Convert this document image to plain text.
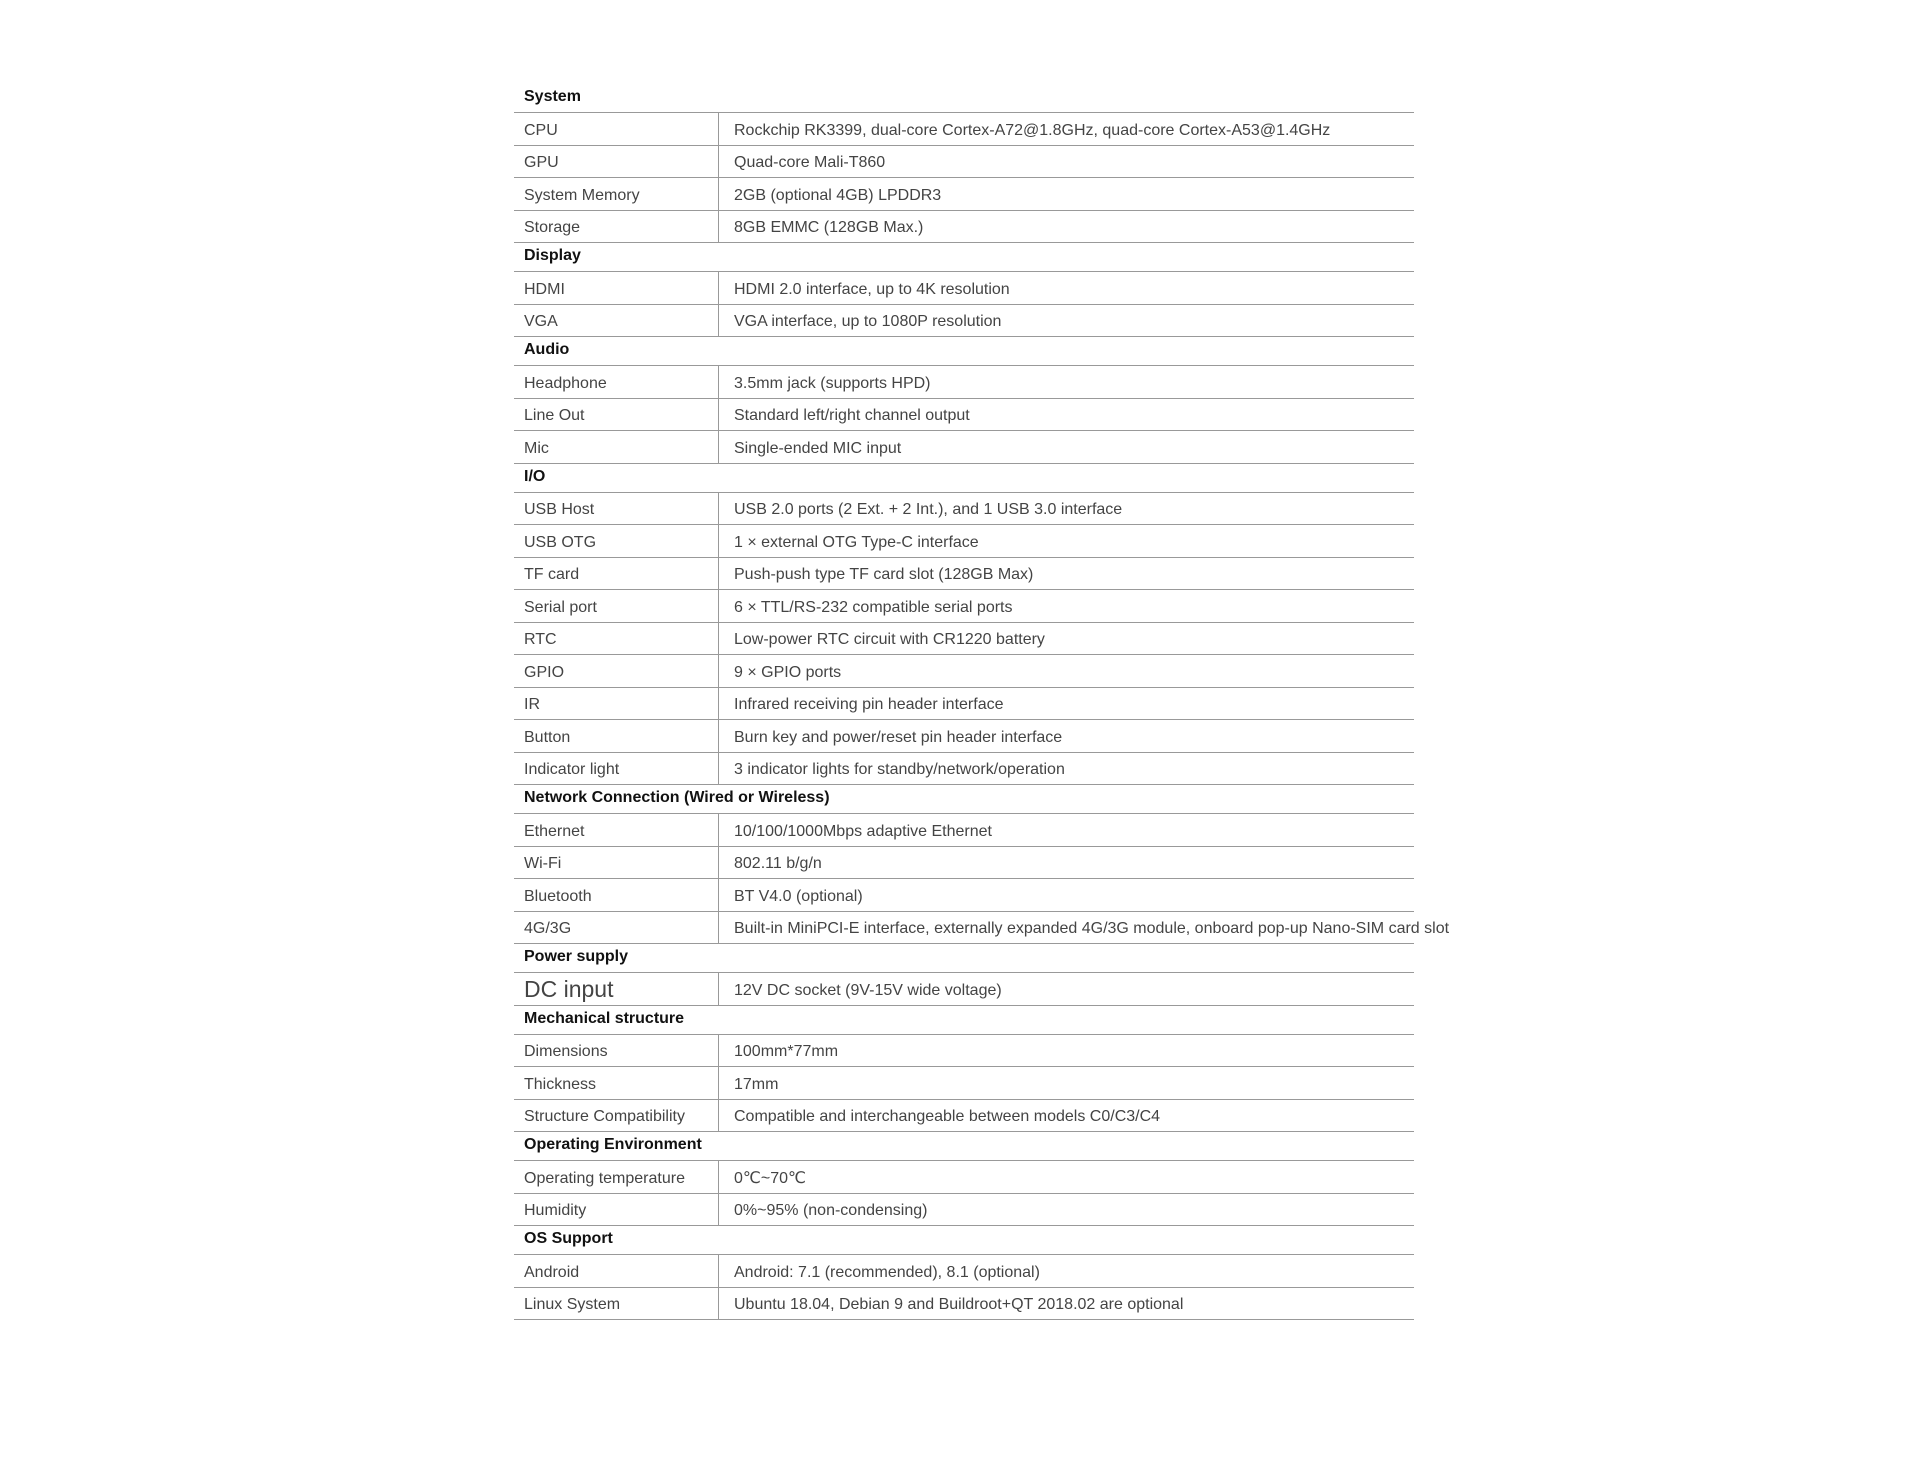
System
CPU	Rockchip RK3399, dual-core Cortex-A72@1.8GHz, quad-core Cortex-A53@1.4GHz
GPU	Quad-core Mali-T860
System Memory	2GB (optional 4GB) LPDDR3
Storage	8GB EMMC (128GB Max.)
Display
HDMI	HDMI 2.0 interface, up to 4K resolution
VGA	VGA interface, up to 1080P resolution
Audio
Headphone	3.5mm jack (supports HPD)
Line Out	Standard left/right channel output
Mic	Single-ended MIC input
I/O
USB Host	USB 2.0 ports (2 Ext. + 2 Int.), and 1 USB 3.0 interface
USB OTG	1 × external OTG Type-C interface
TF card	Push-push type TF card slot (128GB Max)
Serial port	6 × TTL/RS-232 compatible serial ports
RTC	Low-power RTC circuit with CR1220 battery
GPIO	9 × GPIO ports
IR	Infrared receiving pin header interface
Button	Burn key and power/reset pin header interface
Indicator light	3 indicator lights for standby/network/operation
Network Connection (Wired or Wireless)
Ethernet	10/100/1000Mbps adaptive Ethernet
Wi-Fi	802.11 b/g/n
Bluetooth	BT V4.0 (optional)
4G/3G	Built-in MiniPCI-E interface, externally expanded 4G/3G module, onboard pop-up Nano-SIM card slot
Power supply
DC input	12V DC socket (9V-15V wide voltage)
Mechanical structure
Dimensions	100mm*77mm
Thickness	17mm
Structure Compatibility	Compatible and interchangeable between models C0/C3/C4
Operating Environment
Operating temperature	0℃~70℃
Humidity	0%~95% (non-condensing)
OS Support
Android	Android: 7.1 (recommended), 8.1 (optional)
Linux System	Ubuntu 18.04, Debian 9 and Buildroot+QT 2018.02 are optional
